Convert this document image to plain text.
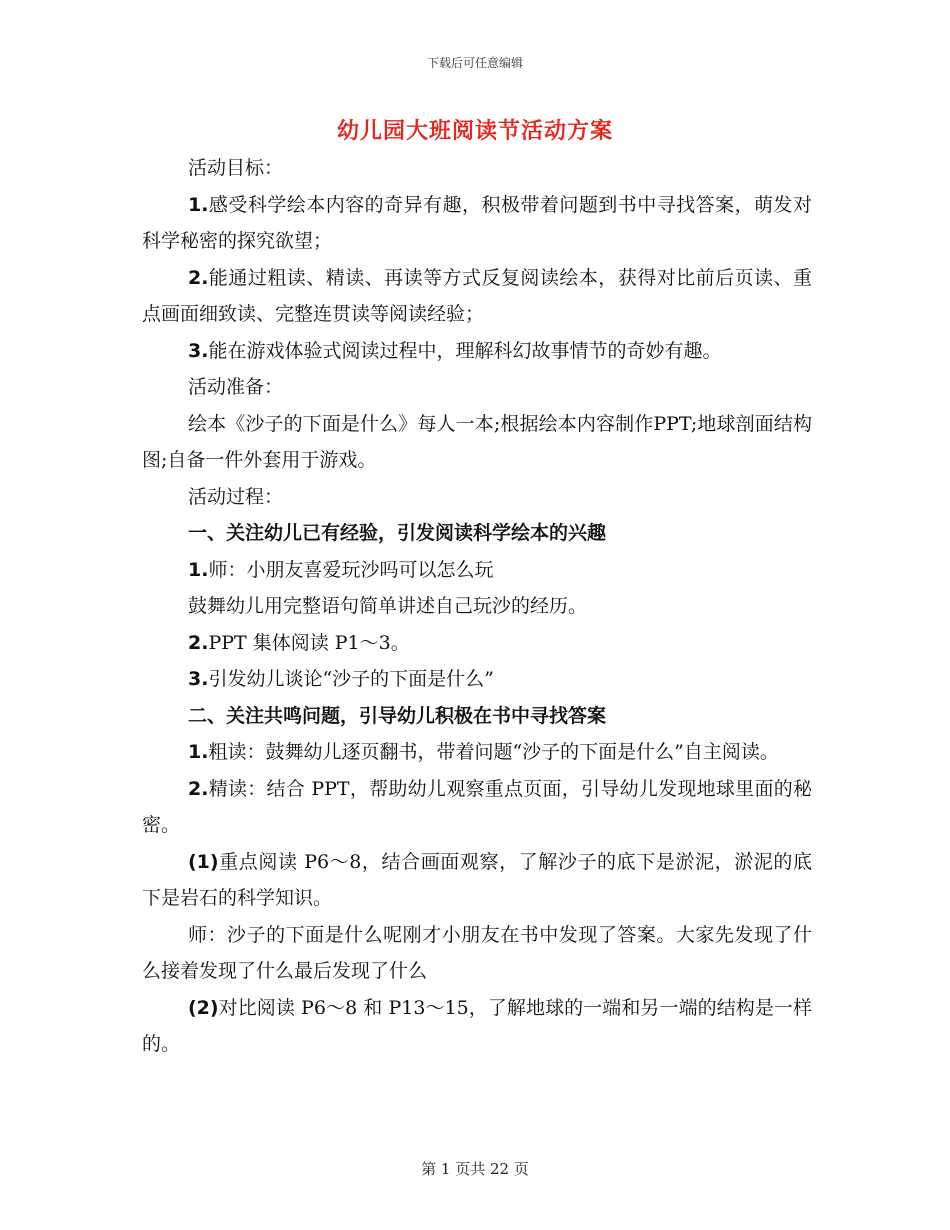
下载后可任意编辑
幼儿园大班阅读节活动方案

活动目标：

1.感受科学绘本内容的奇异有趣，积极带着问题到书中寻找答案，萌发对科学秘密的探究欲望；

2.能通过粗读、精读、再读等方式反复阅读绘本，获得对比前后页读、重点画面细致读、完整连贯读等阅读经验；

3.能在游戏体验式阅读过程中，理解科幻故事情节的奇妙有趣。

活动准备：

绘本《沙子的下面是什么》每人一本;根据绘本内容制作PPT;地球剖面结构图;自备一件外套用于游戏。

活动过程：

一、关注幼儿已有经验，引发阅读科学绘本的兴趣

1.师：小朋友喜爱玩沙吗可以怎么玩

鼓舞幼儿用完整语句简单讲述自己玩沙的经历。

2.PPT 集体阅读 P1～3。

3.引发幼儿谈论“沙子的下面是什么”

二、关注共鸣问题，引导幼儿积极在书中寻找答案

1.粗读：鼓舞幼儿逐页翻书，带着问题“沙子的下面是什么”自主阅读。

2.精读：结合 PPT，帮助幼儿观察重点页面，引导幼儿发现地球里面的秘密。

(1)重点阅读 P6～8，结合画面观察，了解沙子的底下是淤泥，淤泥的底下是岩石的科学知识。

师：沙子的下面是什么呢刚才小朋友在书中发现了答案。大家先发现了什么接着发现了什么最后发现了什么

(2)对比阅读 P6～8 和 P13～15，了解地球的一端和另一端的结构是一样的。

第 1 页共 22 页
